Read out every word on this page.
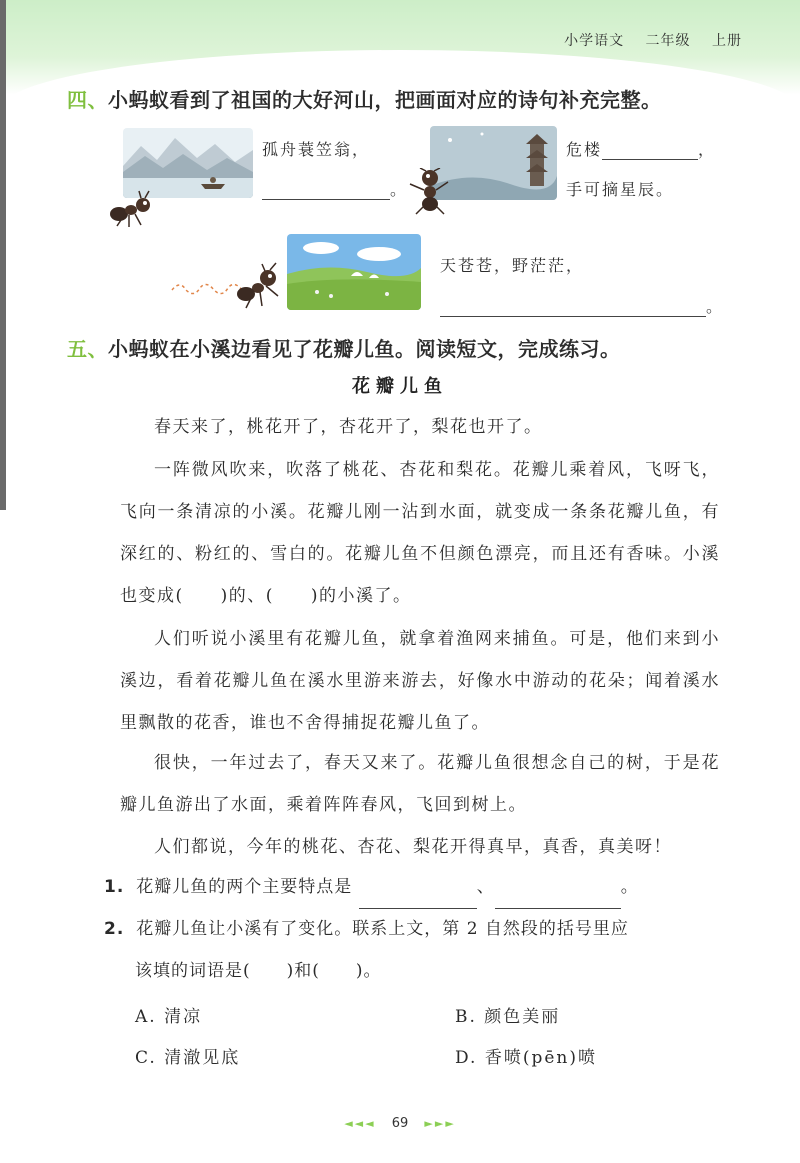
小学语文 二年级 上册
四、小蚂蚁看到了祖国的大好河山，把画面对应的诗句补充完整。
孤舟蓑笠翁，
。
危楼	，
手可摘星辰。
天苍苍，野茫茫，
。
五、小蚂蚁在小溪边看见了花瓣儿鱼。阅读短文，完成练习。
花瓣儿鱼
春天来了，桃花开了，杏花开了，梨花也开了。
一阵微风吹来，吹落了桃花、杏花和梨花。花瓣儿乘着风，飞呀飞，飞向一条清凉的小溪。花瓣儿刚一沾到水面，就变成一条条花瓣儿鱼，有深红的、粉红的、雪白的。花瓣儿鱼不但颜色漂亮，而且还有香味。小溪也变成(　　)的、(　　)的小溪了。
人们听说小溪里有花瓣儿鱼，就拿着渔网来捕鱼。可是，他们来到小溪边，看着花瓣儿鱼在溪水里游来游去，好像水中游动的花朵；闻着溪水里飘散的花香，谁也不舍得捕捉花瓣儿鱼了。
很快，一年过去了，春天又来了。花瓣儿鱼很想念自己的树，于是花瓣儿鱼游出了水面，乘着阵阵春风，飞回到树上。
人们都说，今年的桃花、杏花、梨花开得真早，真香，真美呀！
1. 花瓣儿鱼的两个主要特点是	、	。
2. 花瓣儿鱼让小溪有了变化。联系上文，第 2 自然段的括号里应
该填的词语是(　　)和(　　)。
A. 清凉	B. 颜色美丽
C. 清澈见底	D. 香喷(pēn)喷
◄◄◄ 69 ►►►
